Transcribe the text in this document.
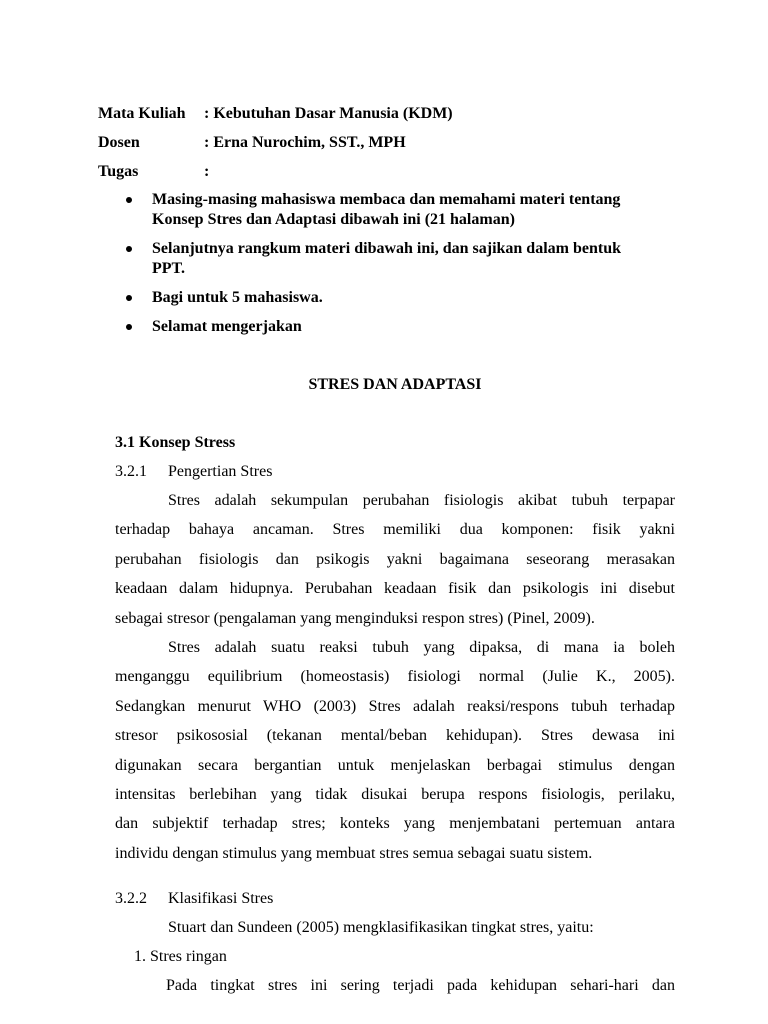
Mata Kuliah	: Kebutuhan Dasar Manusia (KDM)
Dosen	: Erna Nurochim, SST., MPH
Tugas	:
Masing-masing mahasiswa membaca dan memahami materi tentang Konsep Stres dan Adaptasi dibawah ini (21 halaman)
Selanjutnya rangkum materi dibawah ini, dan sajikan dalam bentuk PPT.
Bagi untuk 5 mahasiswa.
Selamat mengerjakan
STRES DAN ADAPTASI
3.1 Konsep Stress
3.2.1 Pengertian Stres
Stres adalah sekumpulan perubahan fisiologis akibat tubuh terpapar
terhadap bahaya ancaman. Stres memiliki dua komponen: fisik yakni
perubahan fisiologis dan psikogis yakni bagaimana seseorang merasakan
keadaan dalam hidupnya. Perubahan keadaan fisik dan psikologis ini disebut
sebagai stresor (pengalaman yang menginduksi respon stres) (Pinel, 2009).
Stres adalah suatu reaksi tubuh yang dipaksa, di mana ia boleh
menganggu equilibrium (homeostasis) fisiologi normal (Julie K., 2005).
Sedangkan menurut WHO (2003) Stres adalah reaksi/respons tubuh terhadap
stresor psikososial (tekanan mental/beban kehidupan). Stres dewasa ini
digunakan secara bergantian untuk menjelaskan berbagai stimulus dengan
intensitas berlebihan yang tidak disukai berupa respons fisiologis, perilaku,
dan subjektif terhadap stres; konteks yang menjembatani pertemuan antara
individu dengan stimulus yang membuat stres semua sebagai suatu sistem.
3.2.2 Klasifikasi Stres
Stuart dan Sundeen (2005) mengklasifikasikan tingkat stres, yaitu:
1. Stres ringan
Pada tingkat stres ini sering terjadi pada kehidupan sehari-hari dan
